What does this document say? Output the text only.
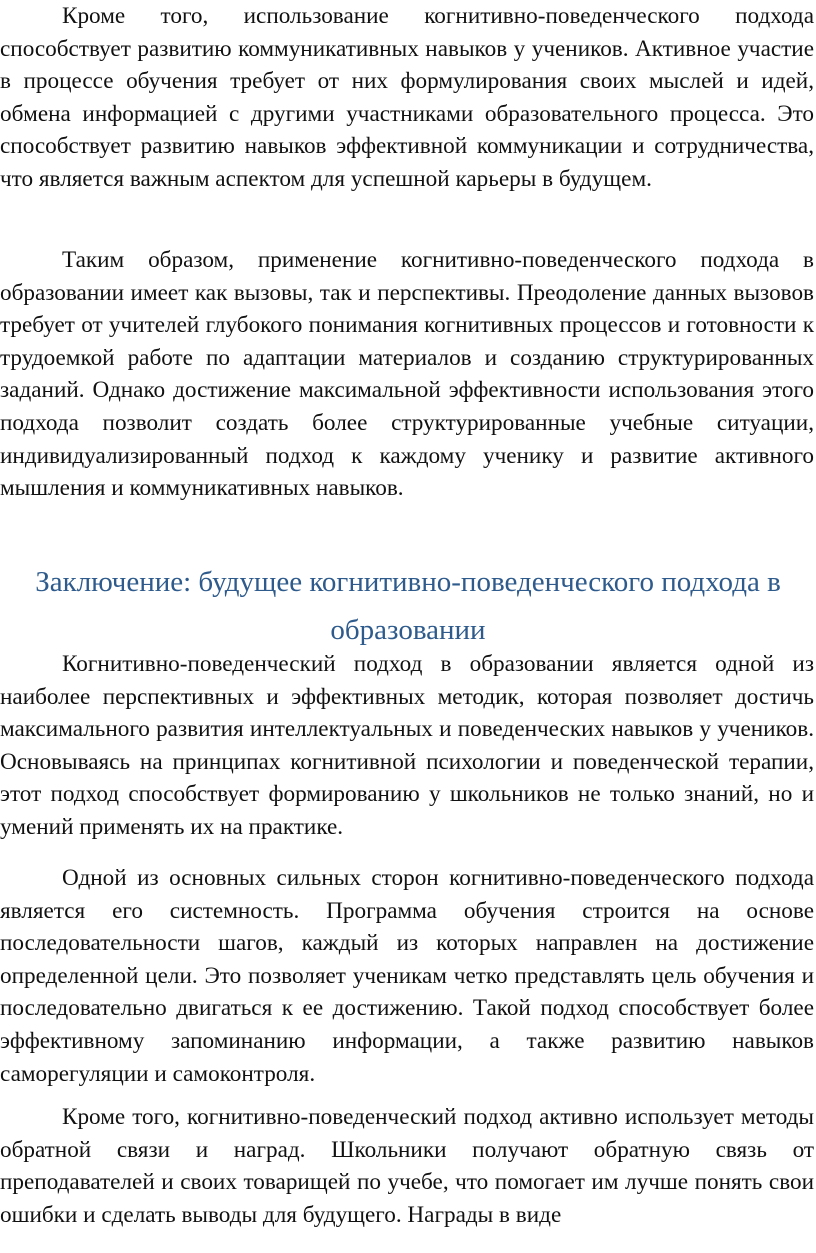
Кроме того, использование когнитивно-поведенческого подхода способствует развитию коммуникативных навыков у учеников. Активное участие в процессе обучения требует от них формулирования своих мыслей и идей, обмена информацией с другими участниками образовательного процесса. Это способствует развитию навыков эффективной коммуникации и сотрудничества, что является важным аспектом для успешной карьеры в будущем.

Таким образом, применение когнитивно-поведенческого подхода в образовании имеет как вызовы, так и перспективы. Преодоление данных вызовов требует от учителей глубокого понимания когнитивных процессов и готовности к трудоемкой работе по адаптации материалов и созданию структурированных заданий. Однако достижение максимальной эффективности использования этого подхода позволит создать более структурированные учебные ситуации, индивидуализированный подход к каждому ученику и развитие активного мышления и коммуникативных навыков.

Заключение: будущее когнитивно-поведенческого подхода в образовании

Когнитивно-поведенческий подход в образовании является одной из наиболее перспективных и эффективных методик, которая позволяет достичь максимального развития интеллектуальных и поведенческих навыков у учеников. Основываясь на принципах когнитивной психологии и поведенческой терапии, этот подход способствует формированию у школьников не только знаний, но и умений применять их на практике.

Одной из основных сильных сторон когнитивно-поведенческого подхода является его системность. Программа обучения строится на основе последовательности шагов, каждый из которых направлен на достижение определенной цели. Это позволяет ученикам четко представлять цель обучения и последовательно двигаться к ее достижению. Такой подход способствует более эффективному запоминанию информации, а также развитию навыков саморегуляции и самоконтроля.

Кроме того, когнитивно-поведенческий подход активно использует методы обратной связи и наград. Школьники получают обратную связь от преподавателей и своих товарищей по учебе, что помогает им лучше понять свои ошибки и сделать выводы для будущего. Награды в виде
